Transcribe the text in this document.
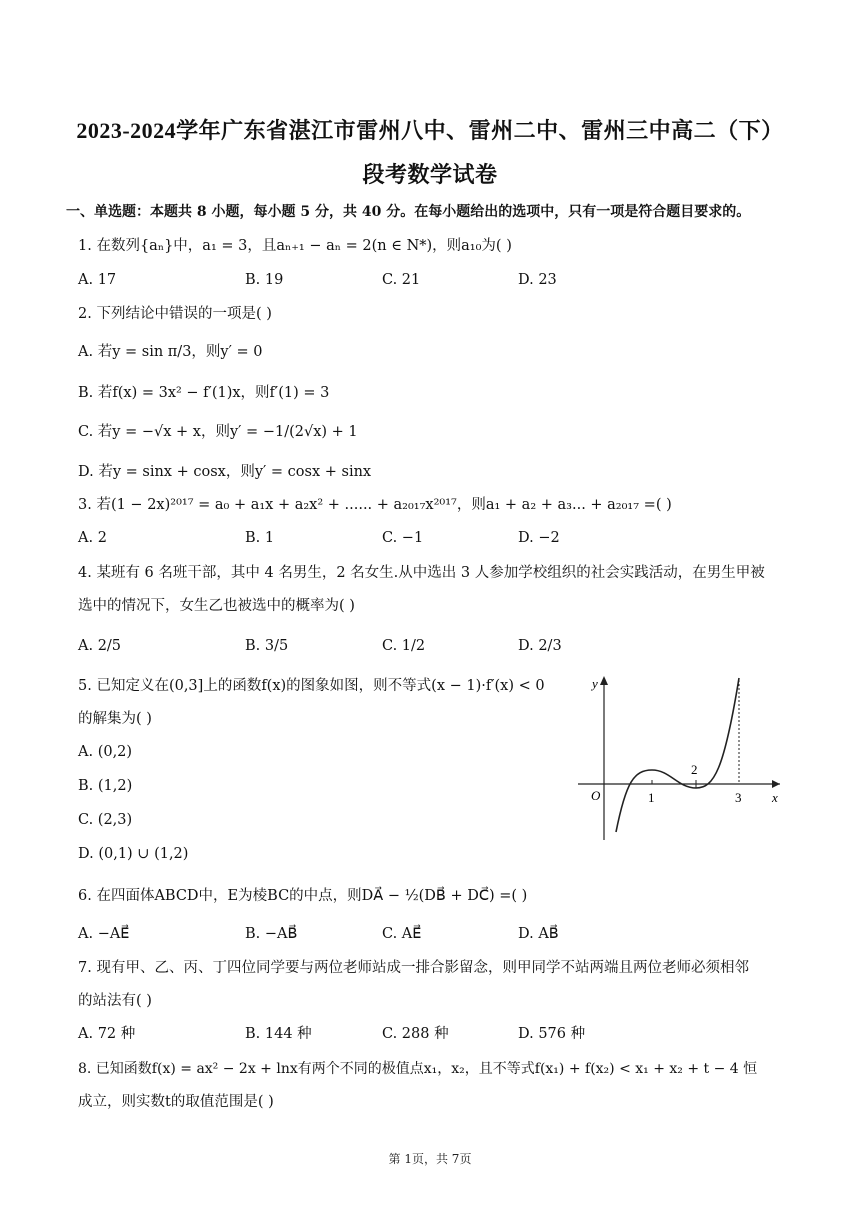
2023-2024学年广东省湛江市雷州八中、雷州二中、雷州三中高二（下）
段考数学试卷
一、单选题：本题共 8 小题，每小题 5 分，共 40 分。在每小题给出的选项中，只有一项是符合题目要求的。
1. 在数列{aₙ}中，a₁ = 3，且aₙ₊₁ − aₙ = 2(n ∈ N*)，则a₁₀为( )
A. 17	B. 19	C. 21	D. 23
2. 下列结论中错误的一项是( )
A. 若y = sin π/3，则y′ = 0
B. 若f(x) = 3x² − f′(1)x，则f′(1) = 3
C. 若y = −√x + x，则y′ = −1/(2√x) + 1
D. 若y = sinx + cosx，则y′ = cosx + sinx
3. 若(1 − 2x)²⁰¹⁷ = a₀ + a₁x + a₂x² + ...... + a₂₀₁₇x²⁰¹⁷，则a₁ + a₂ + a₃... + a₂₀₁₇ =( )
A. 2	B. 1	C. −1	D. −2
4. 某班有 6 名班干部，其中 4 名男生，2 名女生.从中选出 3 人参加学校组织的社会实践活动，在男生甲被
选中的情况下，女生乙也被选中的概率为( )
A. 2/5	B. 3/5	C. 1/2	D. 2/3
5. 已知定义在(0,3]上的函数f(x)的图象如图，则不等式(x − 1)·f′(x) < 0
的解集为( )
A. (0,2)
B. (1,2)
C. (2,3)
D. (0,1) ∪ (1,2)
y
x
O	1
2
3
6. 在四面体ABCD中，E为棱BC的中点，则DA⃗ − ½(DB⃗ + DC⃗) =( )
A. −AE⃗	B. −AB⃗	C. AE⃗	D. AB⃗
7. 现有甲、乙、丙、丁四位同学要与两位老师站成一排合影留念，则甲同学不站两端且两位老师必须相邻
的站法有( )
A. 72 种	B. 144 种	C. 288 种	D. 576 种
8. 已知函数f(x) = ax² − 2x + lnx有两个不同的极值点x₁，x₂，且不等式f(x₁) + f(x₂) < x₁ + x₂ + t − 4 恒
成立，则实数t的取值范围是( )
第 1页，共 7页
